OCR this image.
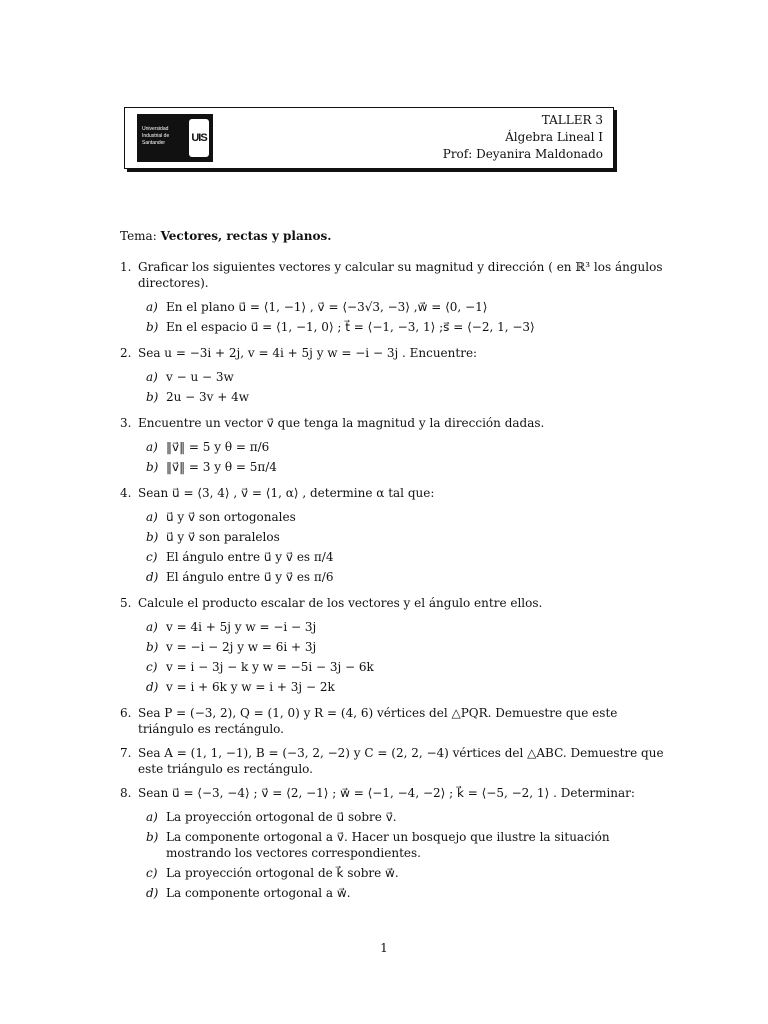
Universidad Industrial de Santander	UIS
TALLER 3
Álgebra Lineal I
Prof: Deyanira Maldonado
Tema: Vectores, rectas y planos.
1. Graficar los siguientes vectores y calcular su magnitud y dirección ( en ℝ³ los ángulos directores).
a) En el plano u⃗ = ⟨1, −1⟩ , v⃗ = ⟨−3√3, −3⟩ ,w⃗ = ⟨0, −1⟩
b) En el espacio u⃗ = ⟨1, −1, 0⟩ ; t⃗ = ⟨−1, −3, 1⟩ ;s⃗ = ⟨−2, 1, −3⟩
2. Sea u = −3i + 2j, v = 4i + 5j y w = −i − 3j . Encuentre:
a) v − u − 3w
b) 2u − 3v + 4w
3. Encuentre un vector v⃗ que tenga la magnitud y la dirección dadas.
a) ‖v⃗‖ = 5 y θ = π/6
b) ‖v⃗‖ = 3 y θ = 5π/4
4. Sean u⃗ = ⟨3, 4⟩ , v⃗ = ⟨1, α⟩ , determine α tal que:
a) u⃗ y v⃗ son ortogonales
b) u⃗ y v⃗ son paralelos
c) El ángulo entre u⃗ y v⃗ es π/4
d) El ángulo entre u⃗ y v⃗ es π/6
5. Calcule el producto escalar de los vectores y el ángulo entre ellos.
a) v = 4i + 5j y w = −i − 3j
b) v = −i − 2j y w = 6i + 3j
c) v = i − 3j − k y w = −5i − 3j − 6k
d) v = i + 6k y w = i + 3j − 2k
6. Sea P = (−3, 2), Q = (1, 0) y R = (4, 6) vértices del △PQR. Demuestre que este triángulo es rectángulo.
7. Sea A = (1, 1, −1), B = (−3, 2, −2) y C = (2, 2, −4) vértices del △ABC. Demuestre que este triángulo es rectángulo.
8. Sean u⃗ = ⟨−3, −4⟩ ; v⃗ = ⟨2, −1⟩ ; w⃗ = ⟨−1, −4, −2⟩ ; k⃗ = ⟨−5, −2, 1⟩ . Determinar:
a) La proyección ortogonal de u⃗ sobre v⃗.
b) La componente ortogonal a v⃗. Hacer un bosquejo que ilustre la situación mostrando los vectores correspondientes.
c) La proyección ortogonal de k⃗ sobre w⃗.
d) La componente ortogonal a w⃗.
1
